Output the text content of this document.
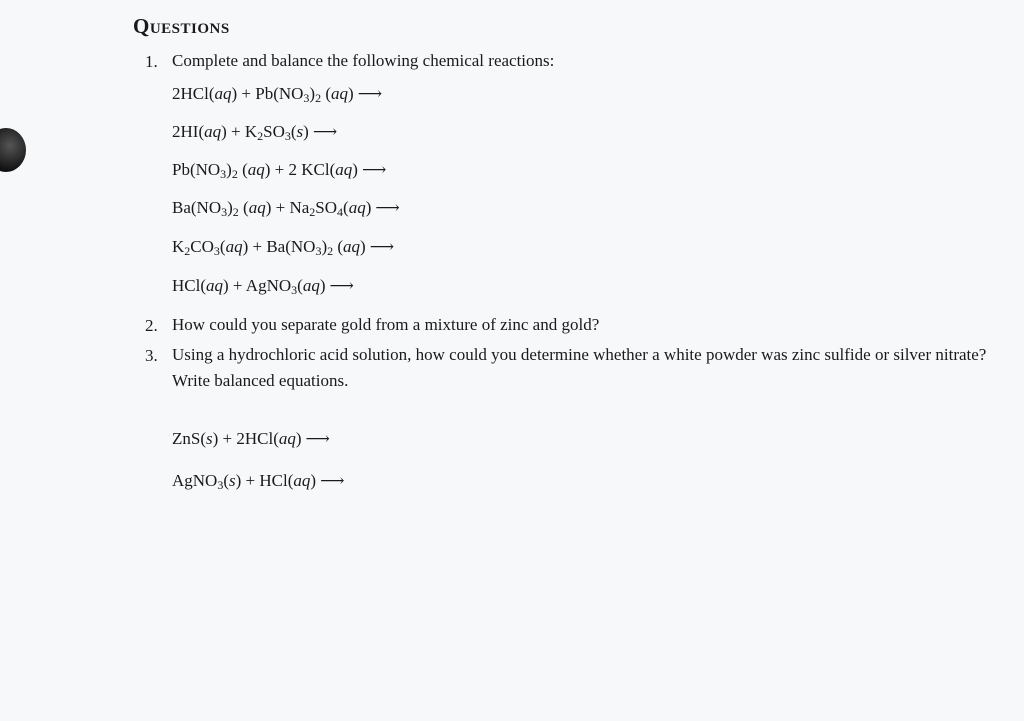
Questions
1. Complete and balance the following chemical reactions:
$2HCl(aq) + Pb(NO_3)_2$ (aq) ⟶
$2HI(aq) + K_2SO_3(s)$ ⟶
$Pb(NO_3)_2$ (aq) + 2 KCl(aq) ⟶
$Ba(NO_3)_2$ $(aq) + Na_2SO_4(aq)$ ⟶
$K_2CO_3(aq) + Ba(NO_3)_2$ (aq) ⟶
HCl(aq) + AgNO$_3$(aq) ⟶
2. How could you separate gold from a mixture of zinc and gold?
3. Using a hydrochloric acid solution, how could you determine whether a white powder was zinc sulfide or silver nitrate? Write balanced equations.
ZnS(s) + 2HCl(aq) ⟶
AgNO$_3$(s) + HCl(aq) ⟶
